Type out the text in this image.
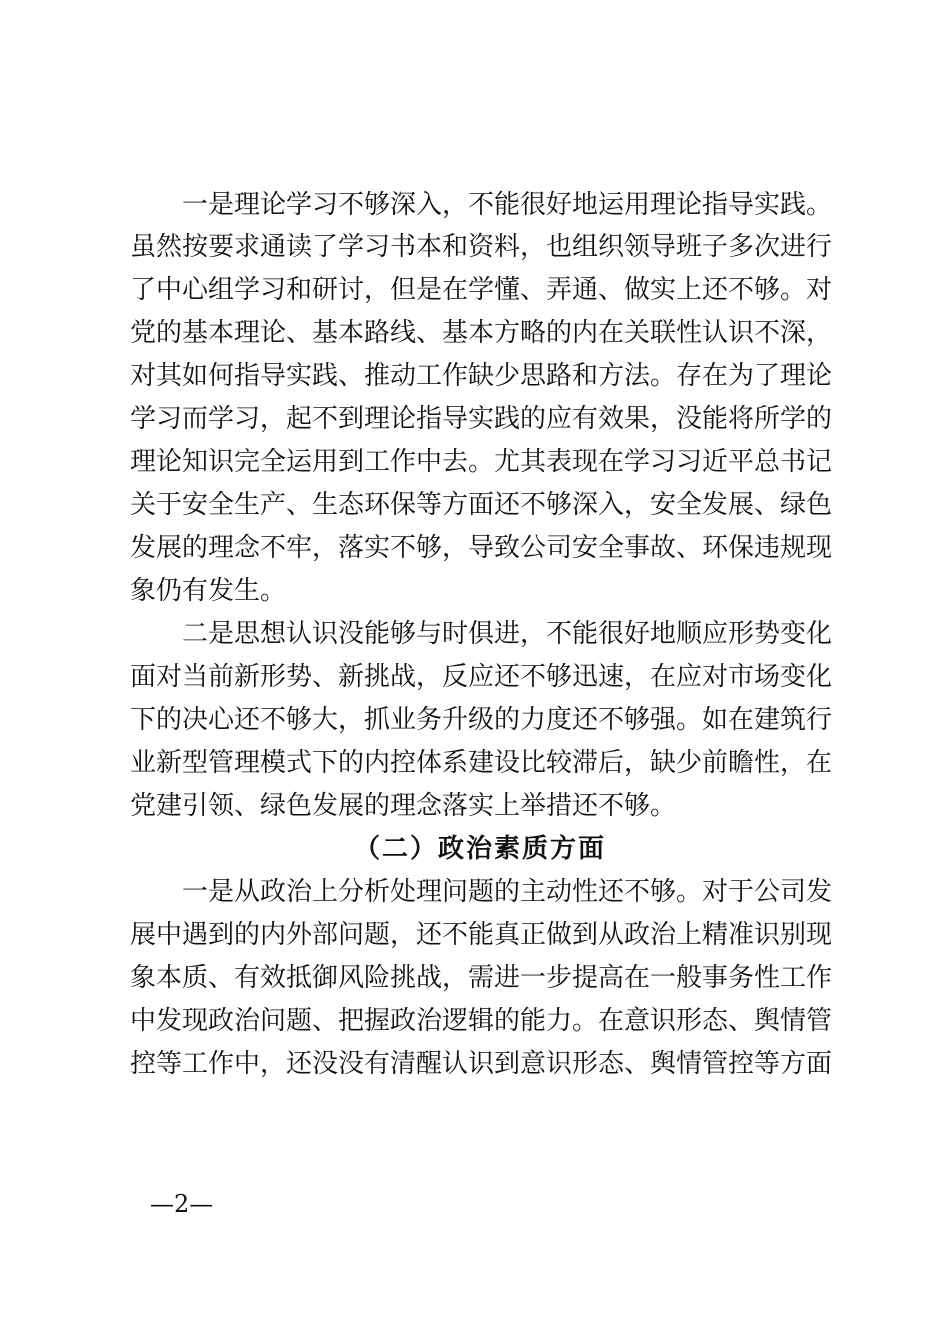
一是理论学习不够深入，不能很好地运用理论指导实践。
虽然按要求通读了学习书本和资料，也组织领导班子多次进行
了中心组学习和研讨，但是在学懂、弄通、做实上还不够。对
党的基本理论、基本路线、基本方略的内在关联性认识不深，
对其如何指导实践、推动工作缺少思路和方法。存在为了理论
学习而学习，起不到理论指导实践的应有效果，没能将所学的
理论知识完全运用到工作中去。尤其表现在学习习近平总书记
关于安全生产、生态环保等方面还不够深入，安全发展、绿色
发展的理念不牢，落实不够，导致公司安全事故、环保违规现
象仍有发生。
二是思想认识没能够与时俱进，不能很好地顺应形势变化
面对当前新形势、新挑战，反应还不够迅速，在应对市场变化
下的决心还不够大，抓业务升级的力度还不够强。如在建筑行
业新型管理模式下的内控体系建设比较滞后，缺少前瞻性，在
党建引领、绿色发展的理念落实上举措还不够。
（二）政治素质方面
一是从政治上分析处理问题的主动性还不够。对于公司发
展中遇到的内外部问题，还不能真正做到从政治上精准识别现
象本质、有效抵御风险挑战，需进一步提高在一般事务性工作
中发现政治问题、把握政治逻辑的能力。在意识形态、舆情管
控等工作中，还没没有清醒认识到意识形态、舆情管控等方面
—2—
